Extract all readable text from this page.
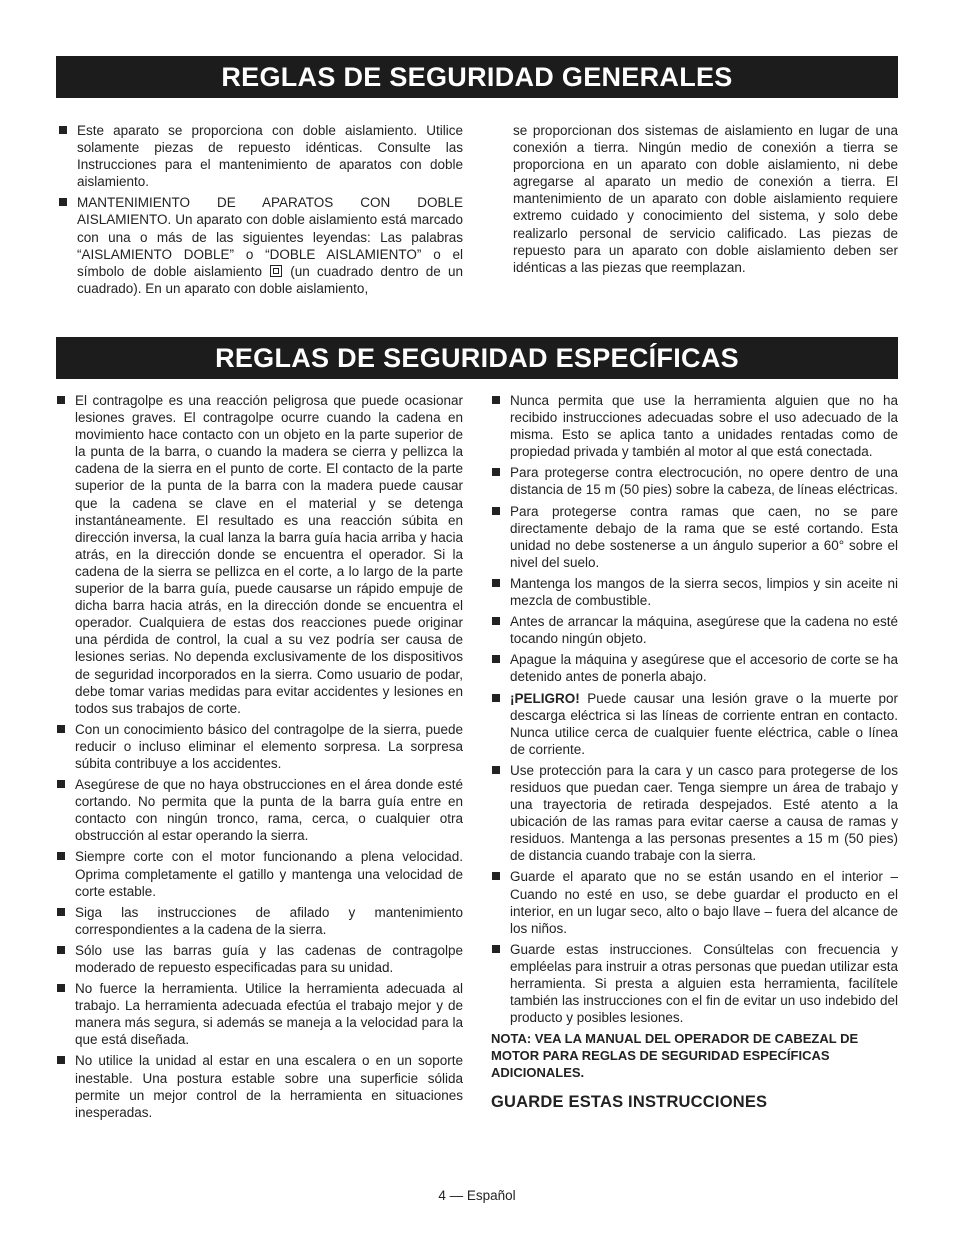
REGLAS DE SEGURIDAD GENERALES
Este aparato se proporciona con doble aislamiento. Utilice solamente piezas de repuesto idénticas. Consulte las Instrucciones para el mantenimiento de aparatos con doble aislamiento.
MANTENIMIENTO DE APARATOS CON DOBLE AISLAMIENTO. Un aparato con doble aislamiento está marcado con una o más de las siguientes leyendas: Las palabras “AISLAMIENTO DOBLE” o “DOBLE AISLAMIENTO” o el símbolo de doble aislamiento (un cuadrado dentro de un cuadrado). En un aparato con doble aislamiento,

se proporcionan dos sistemas de aislamiento en lugar de una conexión a tierra. Ningún medio de conexión a tierra se proporciona en un aparato con doble aislamiento, ni debe agregarse al aparato un medio de conexión a tierra. El mantenimiento de un aparato con doble aislamiento requiere extremo cuidado y conocimiento del sistema, y solo debe realizarlo personal de servicio calificado. Las piezas de repuesto para un aparato con doble aislamiento deben ser idénticas a las piezas que reemplazan.

REGLAS DE SEGURIDAD ESPECÍFICAS
El contragolpe es una reacción peligrosa que puede ocasionar lesiones graves. El contragolpe ocurre cuando la cadena en movimiento hace contacto con un objeto en la parte superior de la punta de la barra, o cuando la madera se cierra y pellizca la cadena de la sierra en el punto de corte. El contacto de la parte superior de la punta de la barra con la madera puede causar que la cadena se clave en el material y se detenga instantáneamente. El resultado es una reacción súbita en dirección inversa, la cual lanza la barra guía hacia arriba y hacia atrás, en la dirección donde se encuentra el operador. Si la cadena de la sierra se pellizca en el corte, a lo largo de la parte superior de la barra guía, puede causarse un rápido empuje de dicha barra hacia atrás, en la dirección donde se encuentra el operador. Cualquiera de estas dos reacciones puede originar una pérdida de control, la cual a su vez podría ser causa de lesiones serias. No dependa exclusivamente de los dispositivos de seguridad incorporados en la sierra. Como usuario de podar, debe tomar varias medidas para evitar accidentes y lesiones en todos sus trabajos de corte.
Con un conocimiento básico del contragolpe de la sierra, puede reducir o incluso eliminar el elemento sorpresa. La sorpresa súbita contribuye a los accidentes.
Asegúrese de que no haya obstrucciones en el área donde esté cortando. No permita que la punta de la barra guía entre en contacto con ningún tronco, rama, cerca, o cualquier otra obstrucción al estar operando la sierra.
Siempre corte con el motor funcionando a plena velocidad. Oprima completamente el gatillo y mantenga una velocidad de corte estable.
Siga las instrucciones de afilado y mantenimiento correspondientes a la cadena de la sierra.
Sólo use las barras guía y las cadenas de contragolpe moderado de repuesto especificadas para su unidad.
No fuerce la herramienta. Utilice la herramienta adecuada al trabajo. La herramienta adecuada efectúa el trabajo mejor y de manera más segura, si además se maneja a la velocidad para la que está diseñada.
No utilice la unidad al estar en una escalera o en un soporte inestable. Una postura estable sobre una superficie sólida permite un mejor control de la herramienta en situaciones inesperadas.
Nunca permita que use la herramienta alguien que no ha recibido instrucciones adecuadas sobre el uso adecuado de la misma. Esto se aplica tanto a unidades rentadas como de propiedad privada y también al motor al que está conectada.
Para protegerse contra electrocución, no opere dentro de una distancia de 15 m (50 pies) sobre la cabeza, de líneas eléctricas.
Para protegerse contra ramas que caen, no se pare directamente debajo de la rama que se esté cortando. Esta unidad no debe sostenerse a un ángulo superior a 60° sobre el nivel del suelo.
Mantenga los mangos de la sierra secos, limpios y sin aceite ni mezcla de combustible.
Antes de arrancar la máquina, asegúrese que la cadena no esté tocando ningún objeto.
Apague la máquina y asegúrese que el accesorio de corte se ha detenido antes de ponerla abajo.
¡PELIGRO! Puede causar una lesión grave o la muerte por descarga eléctrica si las líneas de corriente entran en contacto. Nunca utilice cerca de cualquier fuente eléctrica, cable o línea de corriente.
Use protección para la cara y un casco para protegerse de los residuos que puedan caer. Tenga siempre un área de trabajo y una trayectoria de retirada despejados. Esté atento a la ubicación de las ramas para evitar caerse a causa de ramas y residuos. Mantenga a las personas presentes a 15 m (50 pies) de distancia cuando trabaje con la sierra.
Guarde el aparato que no se están usando en el interior – Cuando no esté en uso, se debe guardar el producto en el interior, en un lugar seco, alto o bajo llave – fuera del alcance de los niños.
Guarde estas instrucciones. Consúltelas con frecuencia y empléelas para instruir a otras personas que puedan utilizar esta herramienta. Si presta a alguien esta herramienta, facilítele también las instrucciones con el fin de evitar un uso indebido del producto y posibles lesiones.
NOTA: VEA LA MANUAL DEL OPERADOR DE CABEZAL DE MOTOR PARA REGLAS DE SEGURIDAD ESPECÍFICAS ADICIONALES.
GUARDE ESTAS INSTRUCCIONES
4 — Español
